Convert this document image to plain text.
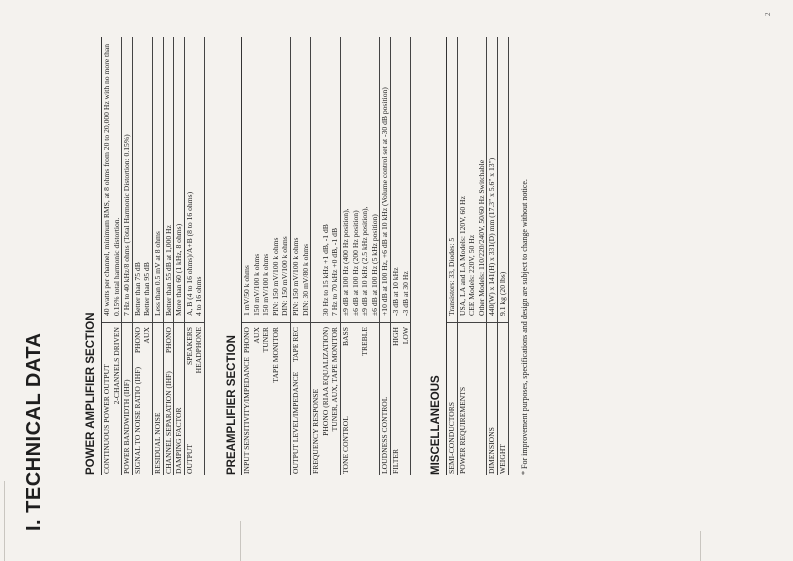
I. TECHNICAL DATA	POWER AMPLIFIER SECTION CONTINUOUS POWER OUTPUT 2-CHANNELS DRIVEN
40 watts per channel, minimum RMS, at 8 ohms from 20 to 20,000 Hz with no more than 0.15% total harmonic distortion.
POWER BANDWIDTH (IHF)
7 Hz to 40 kHz/8 ohms (Total Harmonic Distortion: 0.15%)
SIGNAL TO NOISE RATIO (IHF)
PHONO AUX
Better than 75 dB Better than 95 dB
RESIDUAL NOISE
Less than 0.5 mV at 8 ohms
CHANNEL SEPARATION (IHF)
PHONO
Better than 55 dB at 1,000 Hz
DAMPING FACTOR
More than 60 (1 kHz, 8 ohms)
OUTPUT
SPEAKERS HEADPHONE
A, B (4 to 16 ohms)/A+B (8 to 16 ohms) 4 to 16 ohms
PREAMPLIFIER SECTION INPUT SENSITIVITY/IMPEDANCE
PHONO AUX TUNER TAPE MONITOR
1 mV/50 k ohms 150 mV/100 k ohms 150 mV/100 k ohms PIN: 150 mV/100 k ohms DIN: 150 mV/100 k ohms
OUTPUT LEVEL/IMPEDANCE
TAPE REC
PIN: 150 mV/100 k ohms DIN: 30 mV/80 k ohms
FREQUENCY RESPONSE PHONO (RIAA EQUALIZATION) TUNER, AUX, TAPE MONITOR
30 Hz to 15 kHz +1 dB, -1 dB 7 Hz to 70 kHz +0 dB, -1 dB
TONE CONTROL
BASS TREBLE
±9 dB at 100 Hz (400 Hz position), ±6 dB at 100 Hz (200 Hz position) ±9 dB at 10 kHz (2.5 kHz position), ±6 dB at 100 Hz (5 kHz position)
LOUDNESS CONTROL
+10 dB at 100 Hz, +6 dB at 10 kHz (Volume control set at -30 dB position)
FILTER
HIGH LOW
-3 dB at 10 kHz -3 dB at 30 Hz
MISCELLANEOUS SEMI-CONDUCTORS
Transistors: 33, Diodes: 5
POWER REQUIREMENTS
USA, LA and LA Models: 120V, 60 Hz CEE Models: 220V, 50 Hz Other Models: 110/220/240V, 50/60 Hz Switchable
DIMENSIONS
440(W) x 141(H) x 331(D) mm (17.3" x 5.6" x 13")
WEIGHT
9.1 kg (20 lbs) * For improvement purposes, specifications and design are subject to change without notice.
2
